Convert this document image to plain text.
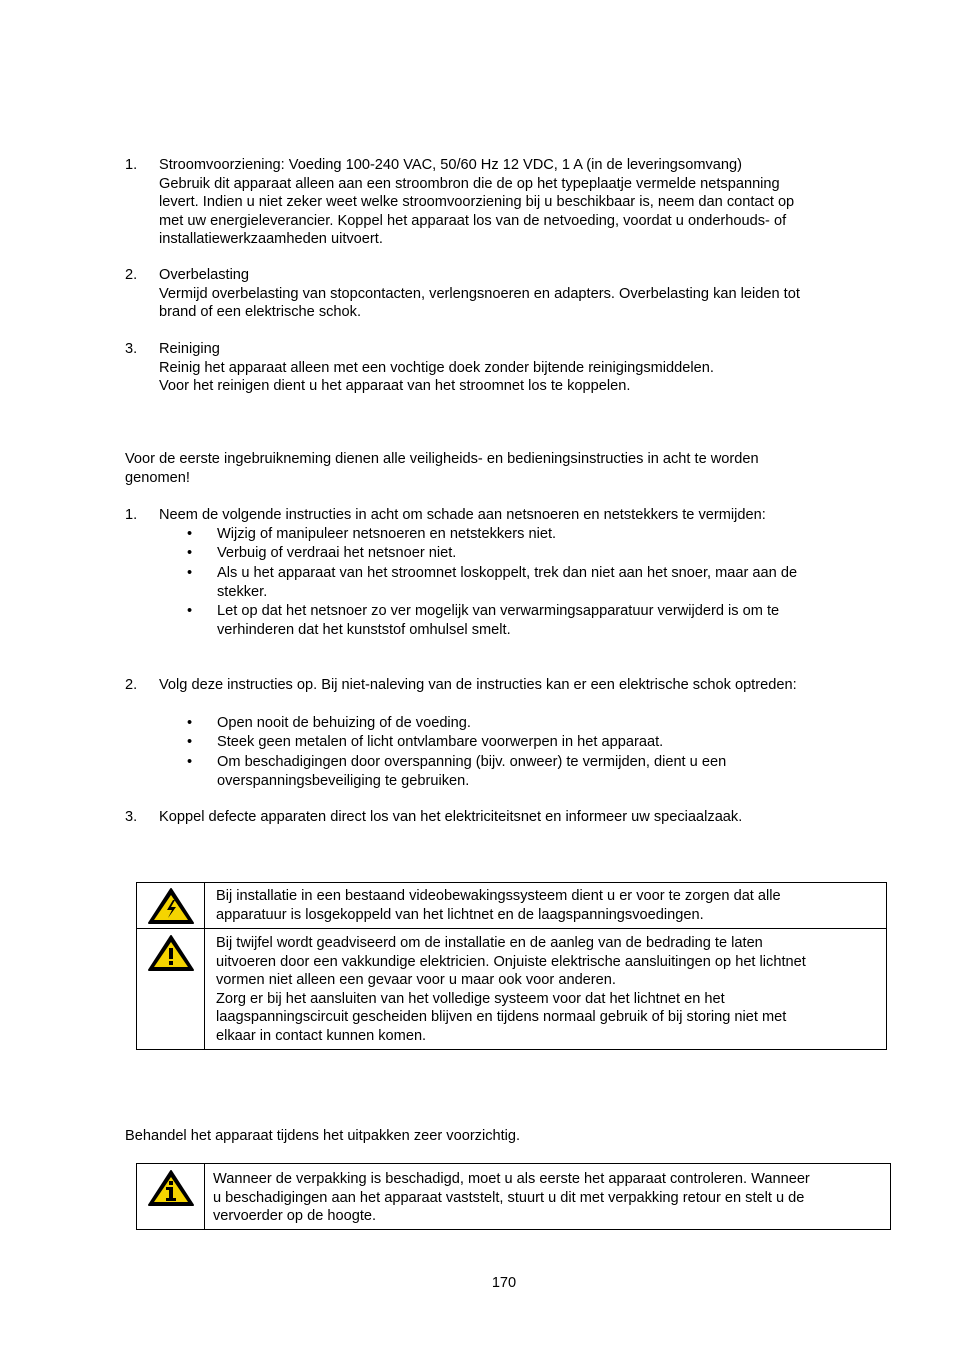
1. Stroomvoorziening: Voeding 100-240 VAC, 50/60 Hz 12 VDC, 1 A (in de leveringsomvang)
Gebruik dit apparaat alleen aan een stroombron die de op het typeplaatje vermelde netspanning
levert. Indien u niet zeker weet welke stroomvoorziening bij u beschikbaar is, neem dan contact op
met uw energieleverancier. Koppel het apparaat los van de netvoeding, voordat u onderhouds- of
installatiewerkzaamheden uitvoert.
2. Overbelasting
Vermijd overbelasting van stopcontacten, verlengsnoeren en adapters. Overbelasting kan leiden tot
brand of een elektrische schok.
3. Reiniging
Reinig het apparaat alleen met een vochtige doek zonder bijtende reinigingsmiddelen.
Voor het reinigen dient u het apparaat van het stroomnet los te koppelen.
Voor de eerste ingebruikneming dienen alle veiligheids- en bedieningsinstructies in acht te worden
genomen!
1. Neem de volgende instructies in acht om schade aan netsnoeren en netstekkers te vermijden:
• Wijzig of manipuleer netsnoeren en netstekkers niet.
• Verbuig of verdraai het netsnoer niet.
• Als u het apparaat van het stroomnet loskoppelt, trek dan niet aan het snoer, maar aan de
stekker.
• Let op dat het netsnoer zo ver mogelijk van verwarmingsapparatuur verwijderd is om te
verhinderen dat het kunststof omhulsel smelt.
2. Volg deze instructies op. Bij niet-naleving van de instructies kan er een elektrische schok optreden:
• Open nooit de behuizing of de voeding.
• Steek geen metalen of licht ontvlambare voorwerpen in het apparaat.
• Om beschadigingen door overspanning (bijv. onweer) te vermijden, dient u een
overspanningsbeveiliging te gebruiken.
3. Koppel defecte apparaten direct los van het elektriciteitsnet en informeer uw speciaalzaak.
Bij installatie in een bestaand videobewakingssysteem dient u er voor te zorgen dat alle
apparatuur is losgekoppeld van het lichtnet en de laagspanningsvoedingen.
Bij twijfel wordt geadviseerd om de installatie en de aanleg van de bedrading te laten
uitvoeren door een vakkundige elektricien. Onjuiste elektrische aansluitingen op het lichtnet
vormen niet alleen een gevaar voor u maar ook voor anderen.
Zorg er bij het aansluiten van het volledige systeem voor dat het lichtnet en het
laagspanningscircuit gescheiden blijven en tijdens normaal gebruik of bij storing niet met
elkaar in contact kunnen komen.
Behandel het apparaat tijdens het uitpakken zeer voorzichtig.
Wanneer de verpakking is beschadigd, moet u als eerste het apparaat controleren. Wanneer
u beschadigingen aan het apparaat vaststelt, stuurt u dit met verpakking retour en stelt u de
vervoerder op de hoogte.
170
